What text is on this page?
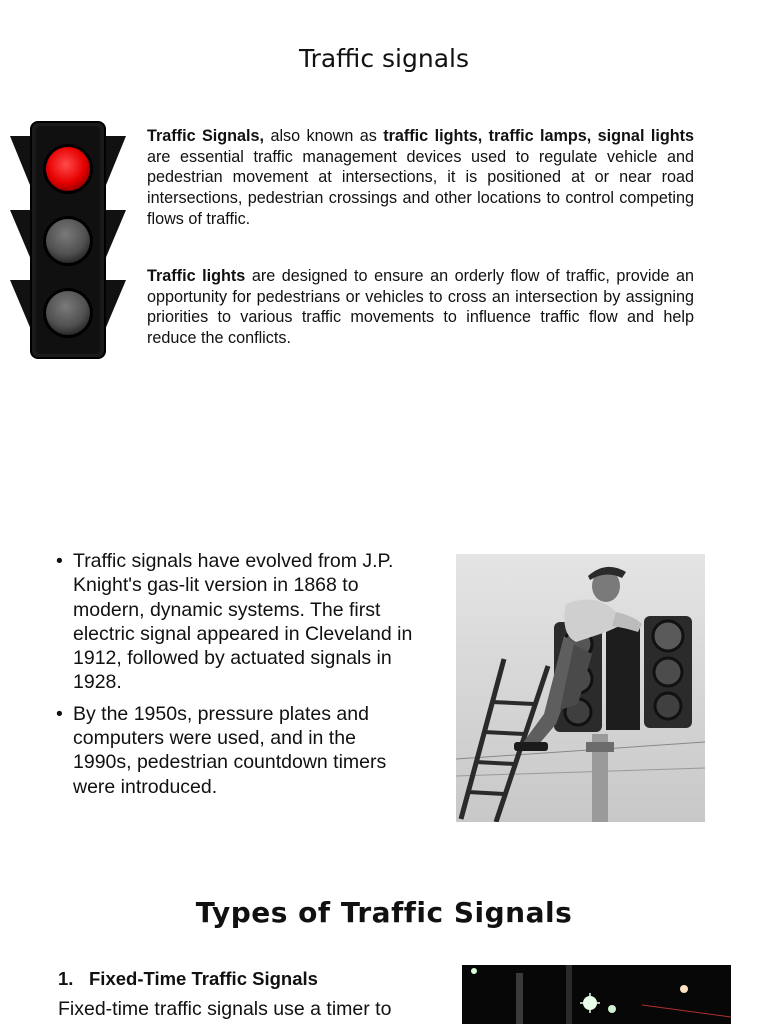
Traffic signals

Traffic Signals, also known as traffic lights, traffic lamps, signal lights are essential traffic management devices used to regulate vehicle and pedestrian movement at intersections, it is positioned at or near road intersections, pedestrian crossings and other locations to control competing flows of traffic.

Traffic lights are designed to ensure an orderly flow of traffic, provide an opportunity for pedestrians or vehicles to cross an intersection by assigning priorities to various traffic movements to influence traffic flow and help reduce the conflicts.

• Traffic signals have evolved from J.P. Knight's gas-lit version in 1868 to modern, dynamic systems. The first electric signal appeared in Cleveland in 1912, followed by actuated signals in 1928.
• By the 1950s, pressure plates and computers were used, and in the 1990s, pedestrian countdown timers were introduced.
Types of Traffic Signals
1. Fixed-Time Traffic Signals
Fixed-time traffic signals use a timer to
